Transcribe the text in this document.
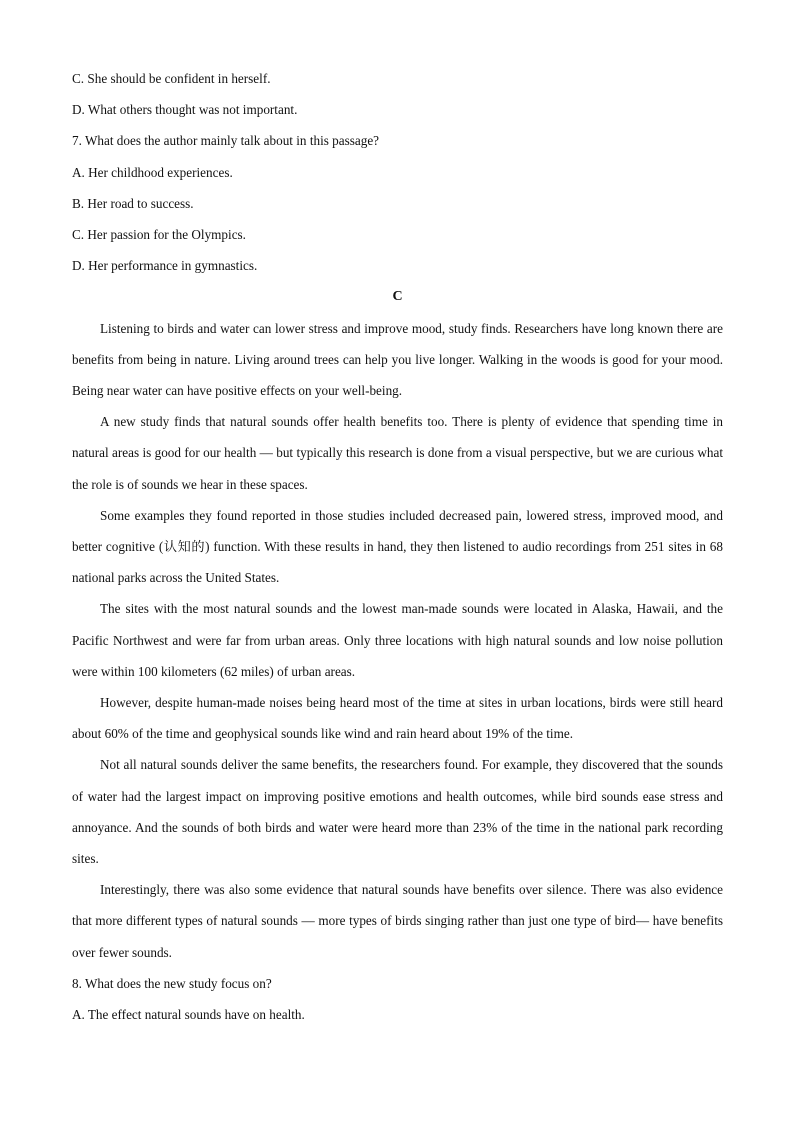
C. She should be confident in herself.

D. What others thought was not important.

7. What does the author mainly talk about in this passage?

A. Her childhood experiences.

B. Her road to success.

C. Her passion for the Olympics.

D. Her performance in gymnastics.

C

Listening to birds and water can lower stress and improve mood, study finds. Researchers have long known there are benefits from being in nature. Living around trees can help you live longer. Walking in the woods is good for your mood. Being near water can have positive effects on your well-being.

A new study finds that natural sounds offer health benefits too. There is plenty of evidence that spending time in natural areas is good for our health — but typically this research is done from a visual perspective, but we are curious what the role is of sounds we hear in these spaces.

Some examples they found reported in those studies included decreased pain, lowered stress, improved mood, and better cognitive (认知的) function. With these results in hand, they then listened to audio recordings from 251 sites in 68 national parks across the United States.

The sites with the most natural sounds and the lowest man-made sounds were located in Alaska, Hawaii, and the Pacific Northwest and were far from urban areas. Only three locations with high natural sounds and low noise pollution were within 100 kilometers (62 miles) of urban areas.

However, despite human-made noises being heard most of the time at sites in urban locations, birds were still heard about 60% of the time and geophysical sounds like wind and rain heard about 19% of the time.

Not all natural sounds deliver the same benefits, the researchers found. For example, they discovered that the sounds of water had the largest impact on improving positive emotions and health outcomes, while bird sounds ease stress and annoyance. And the sounds of both birds and water were heard more than 23% of the time in the national park recording sites.

Interestingly, there was also some evidence that natural sounds have benefits over silence. There was also evidence that more different types of natural sounds — more types of birds singing rather than just one type of bird— have benefits over fewer sounds.

8. What does the new study focus on?

A. The effect natural sounds have on health.
